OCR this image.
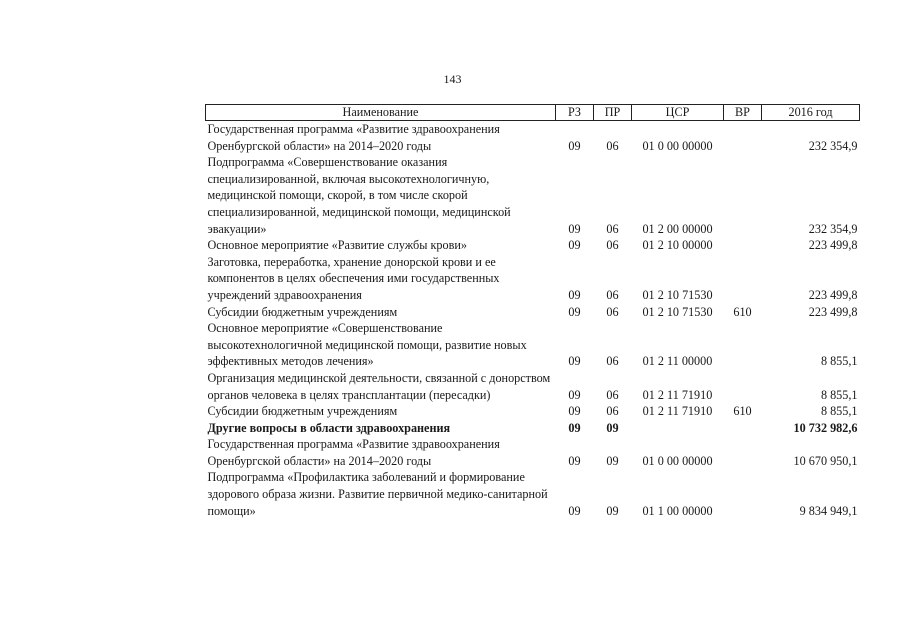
143
Наименование	РЗ	ПР	ЦСР	ВР	2016 год
Государственная программа «Развитие здравоохранения Оренбургской области» на 2014–2020 годы	09	06	01 0 00 00000		232 354,9
Подпрограмма «Совершенствование оказания специализированной, включая высокотехнологичную, медицинской помощи, скорой, в том числе скорой специализированной, медицинской помощи, медицинской эвакуации»	09	06	01 2 00 00000		232 354,9
Основное мероприятие «Развитие службы крови»	09	06	01 2 10 00000		223 499,8
Заготовка, переработка, хранение донорской крови и ее компонентов в целях обеспечения ими государственных учреждений здравоохранения	09	06	01 2 10 71530		223 499,8
Субсидии бюджетным учреждениям	09	06	01 2 10 71530	610	223 499,8
Основное мероприятие «Совершенствование высокотехнологичной медицинской помощи, развитие новых эффективных методов лечения»	09	06	01 2 11 00000		8 855,1
Организация медицинской деятельности, связанной с донорством органов человека в целях трансплантации (пересадки)	09	06	01 2 11 71910		8 855,1
Субсидии бюджетным учреждениям	09	06	01 2 11 71910	610	8 855,1
Другие вопросы в области здравоохранения	09	09			10 732 982,6
Государственная программа «Развитие здравоохранения Оренбургской области» на 2014–2020 годы	09	09	01 0 00 00000		10 670 950,1
Подпрограмма «Профилактика заболеваний и формирование здорового образа жизни. Развитие первичной медико-санитарной помощи»	09	09	01 1 00 00000		9 834 949,1
